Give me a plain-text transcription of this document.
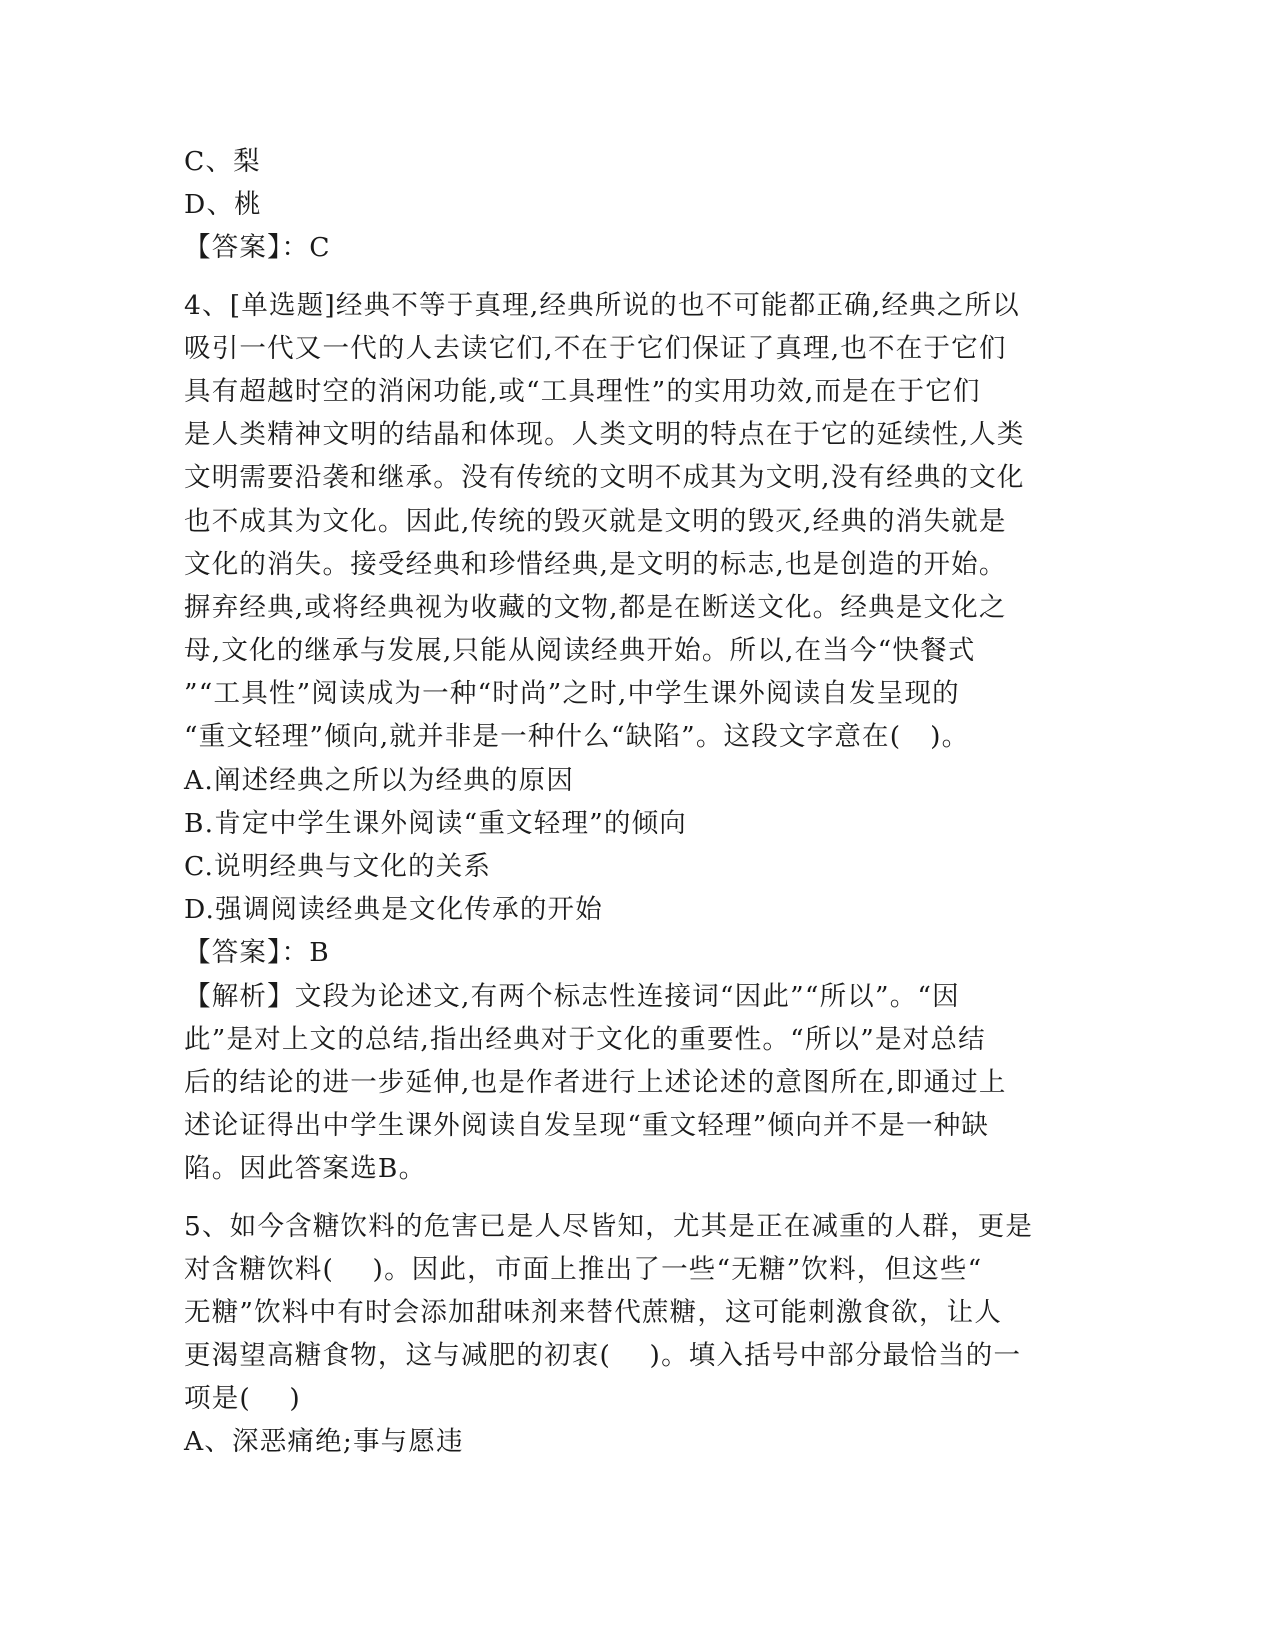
C、梨
D、桃
【答案】：C
4、[单选题]经典不等于真理,经典所说的也不可能都正确,经典之所以
吸引一代又一代的人去读它们,不在于它们保证了真理,也不在于它们
具有超越时空的消闲功能,或“工具理性”的实用功效,而是在于它们
是人类精神文明的结晶和体现。人类文明的特点在于它的延续性,人类
文明需要沿袭和继承。没有传统的文明不成其为文明,没有经典的文化
也不成其为文化。因此,传统的毁灭就是文明的毁灭,经典的消失就是
文化的消失。接受经典和珍惜经典,是文明的标志,也是创造的开始。
摒弃经典,或将经典视为收藏的文物,都是在断送文化。经典是文化之
母,文化的继承与发展,只能从阅读经典开始。所以,在当今“快餐式
”“工具性”阅读成为一种“时尚”之时,中学生课外阅读自发呈现的
“重文轻理”倾向,就并非是一种什么“缺陷”。这段文字意在(   )。
A.阐述经典之所以为经典的原因
B.肯定中学生课外阅读“重文轻理”的倾向
C.说明经典与文化的关系
D.强调阅读经典是文化传承的开始
【答案】：B
【解析】文段为论述文,有两个标志性连接词“因此”“所以”。“因
此”是对上文的总结,指出经典对于文化的重要性。“所以”是对总结
后的结论的进一步延伸,也是作者进行上述论述的意图所在,即通过上
述论证得出中学生课外阅读自发呈现“重文轻理”倾向并不是一种缺
陷。因此答案选B。
5、如今含糖饮料的危害已是人尽皆知，尤其是正在减重的人群，更是
对含糖饮料(    )。因此，市面上推出了一些“无糖”饮料，但这些“
无糖”饮料中有时会添加甜味剂来替代蔗糖，这可能刺激食欲，让人
更渴望高糖食物，这与减肥的初衷(    )。填入括号中部分最恰当的一
项是(    )
A、深恶痛绝;事与愿违
